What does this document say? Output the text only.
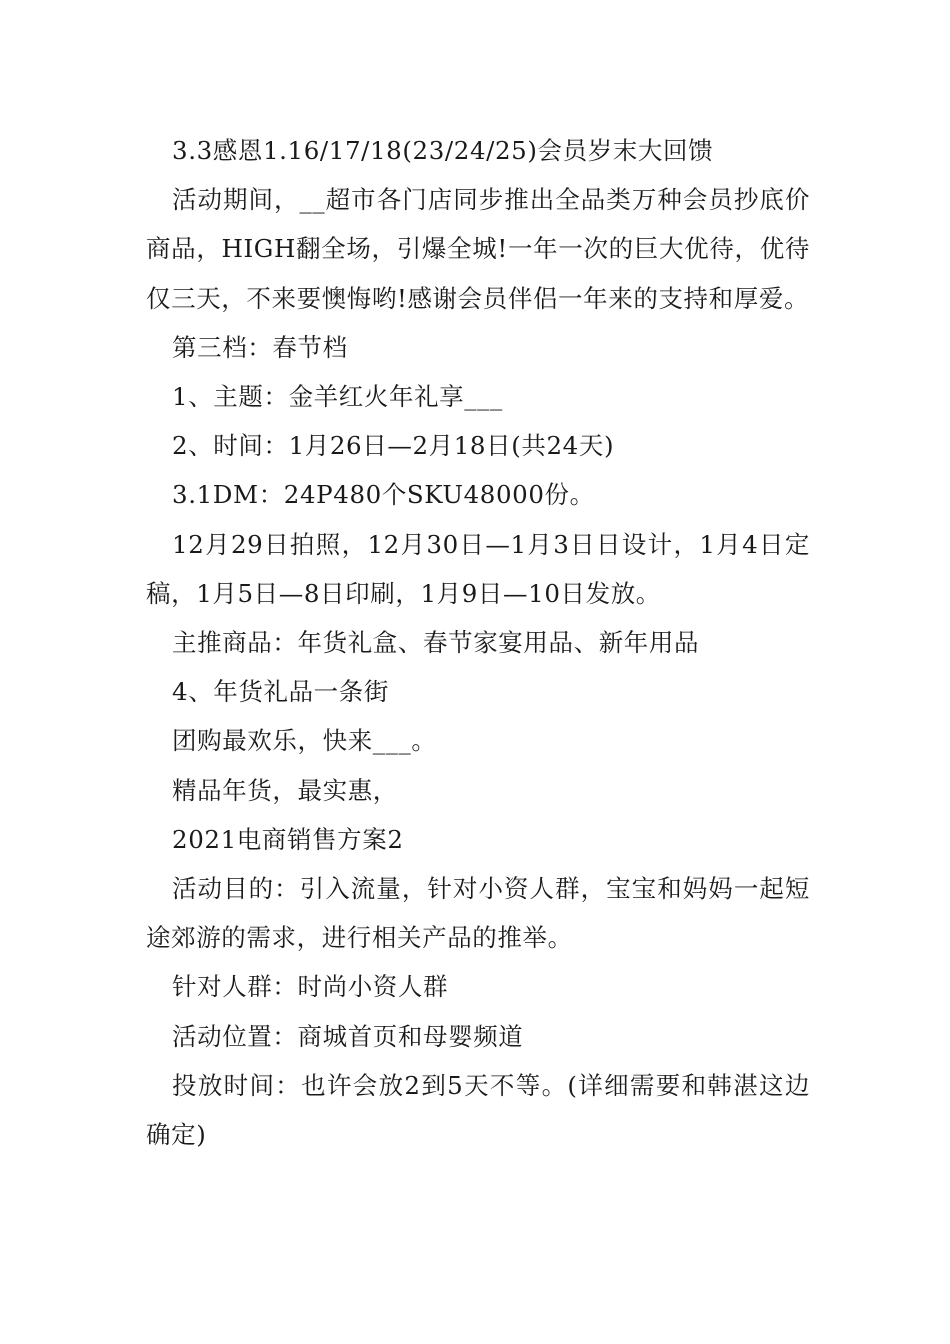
3.3感恩1.16/17/18(23/24/25)会员岁末大回馈

活动期间，__超市各门店同步推出全品类万种会员抄底价商品，HIGH翻全场，引爆全城!一年一次的巨大优待，优待仅三天，不来要懊悔哟!感谢会员伴侣一年来的支持和厚爱。

第三档：春节档

1、主题：金羊红火年礼享___

2、时间：1月26日—2月18日(共24天)

3.1DM：24P480个SKU48000份。

12月29日拍照，12月30日—1月3日日设计，1月4日定稿，1月5日—8日印刷，1月9日—10日发放。

主推商品：年货礼盒、春节家宴用品、新年用品

4、年货礼品一条街

团购最欢乐，快来___。

精品年货，最实惠，

2021电商销售方案2

活动目的：引入流量，针对小资人群，宝宝和妈妈一起短途郊游的需求，进行相关产品的推举。

针对人群：时尚小资人群

活动位置：商城首页和母婴频道

投放时间：也许会放2到5天不等。(详细需要和韩湛这边确定)
